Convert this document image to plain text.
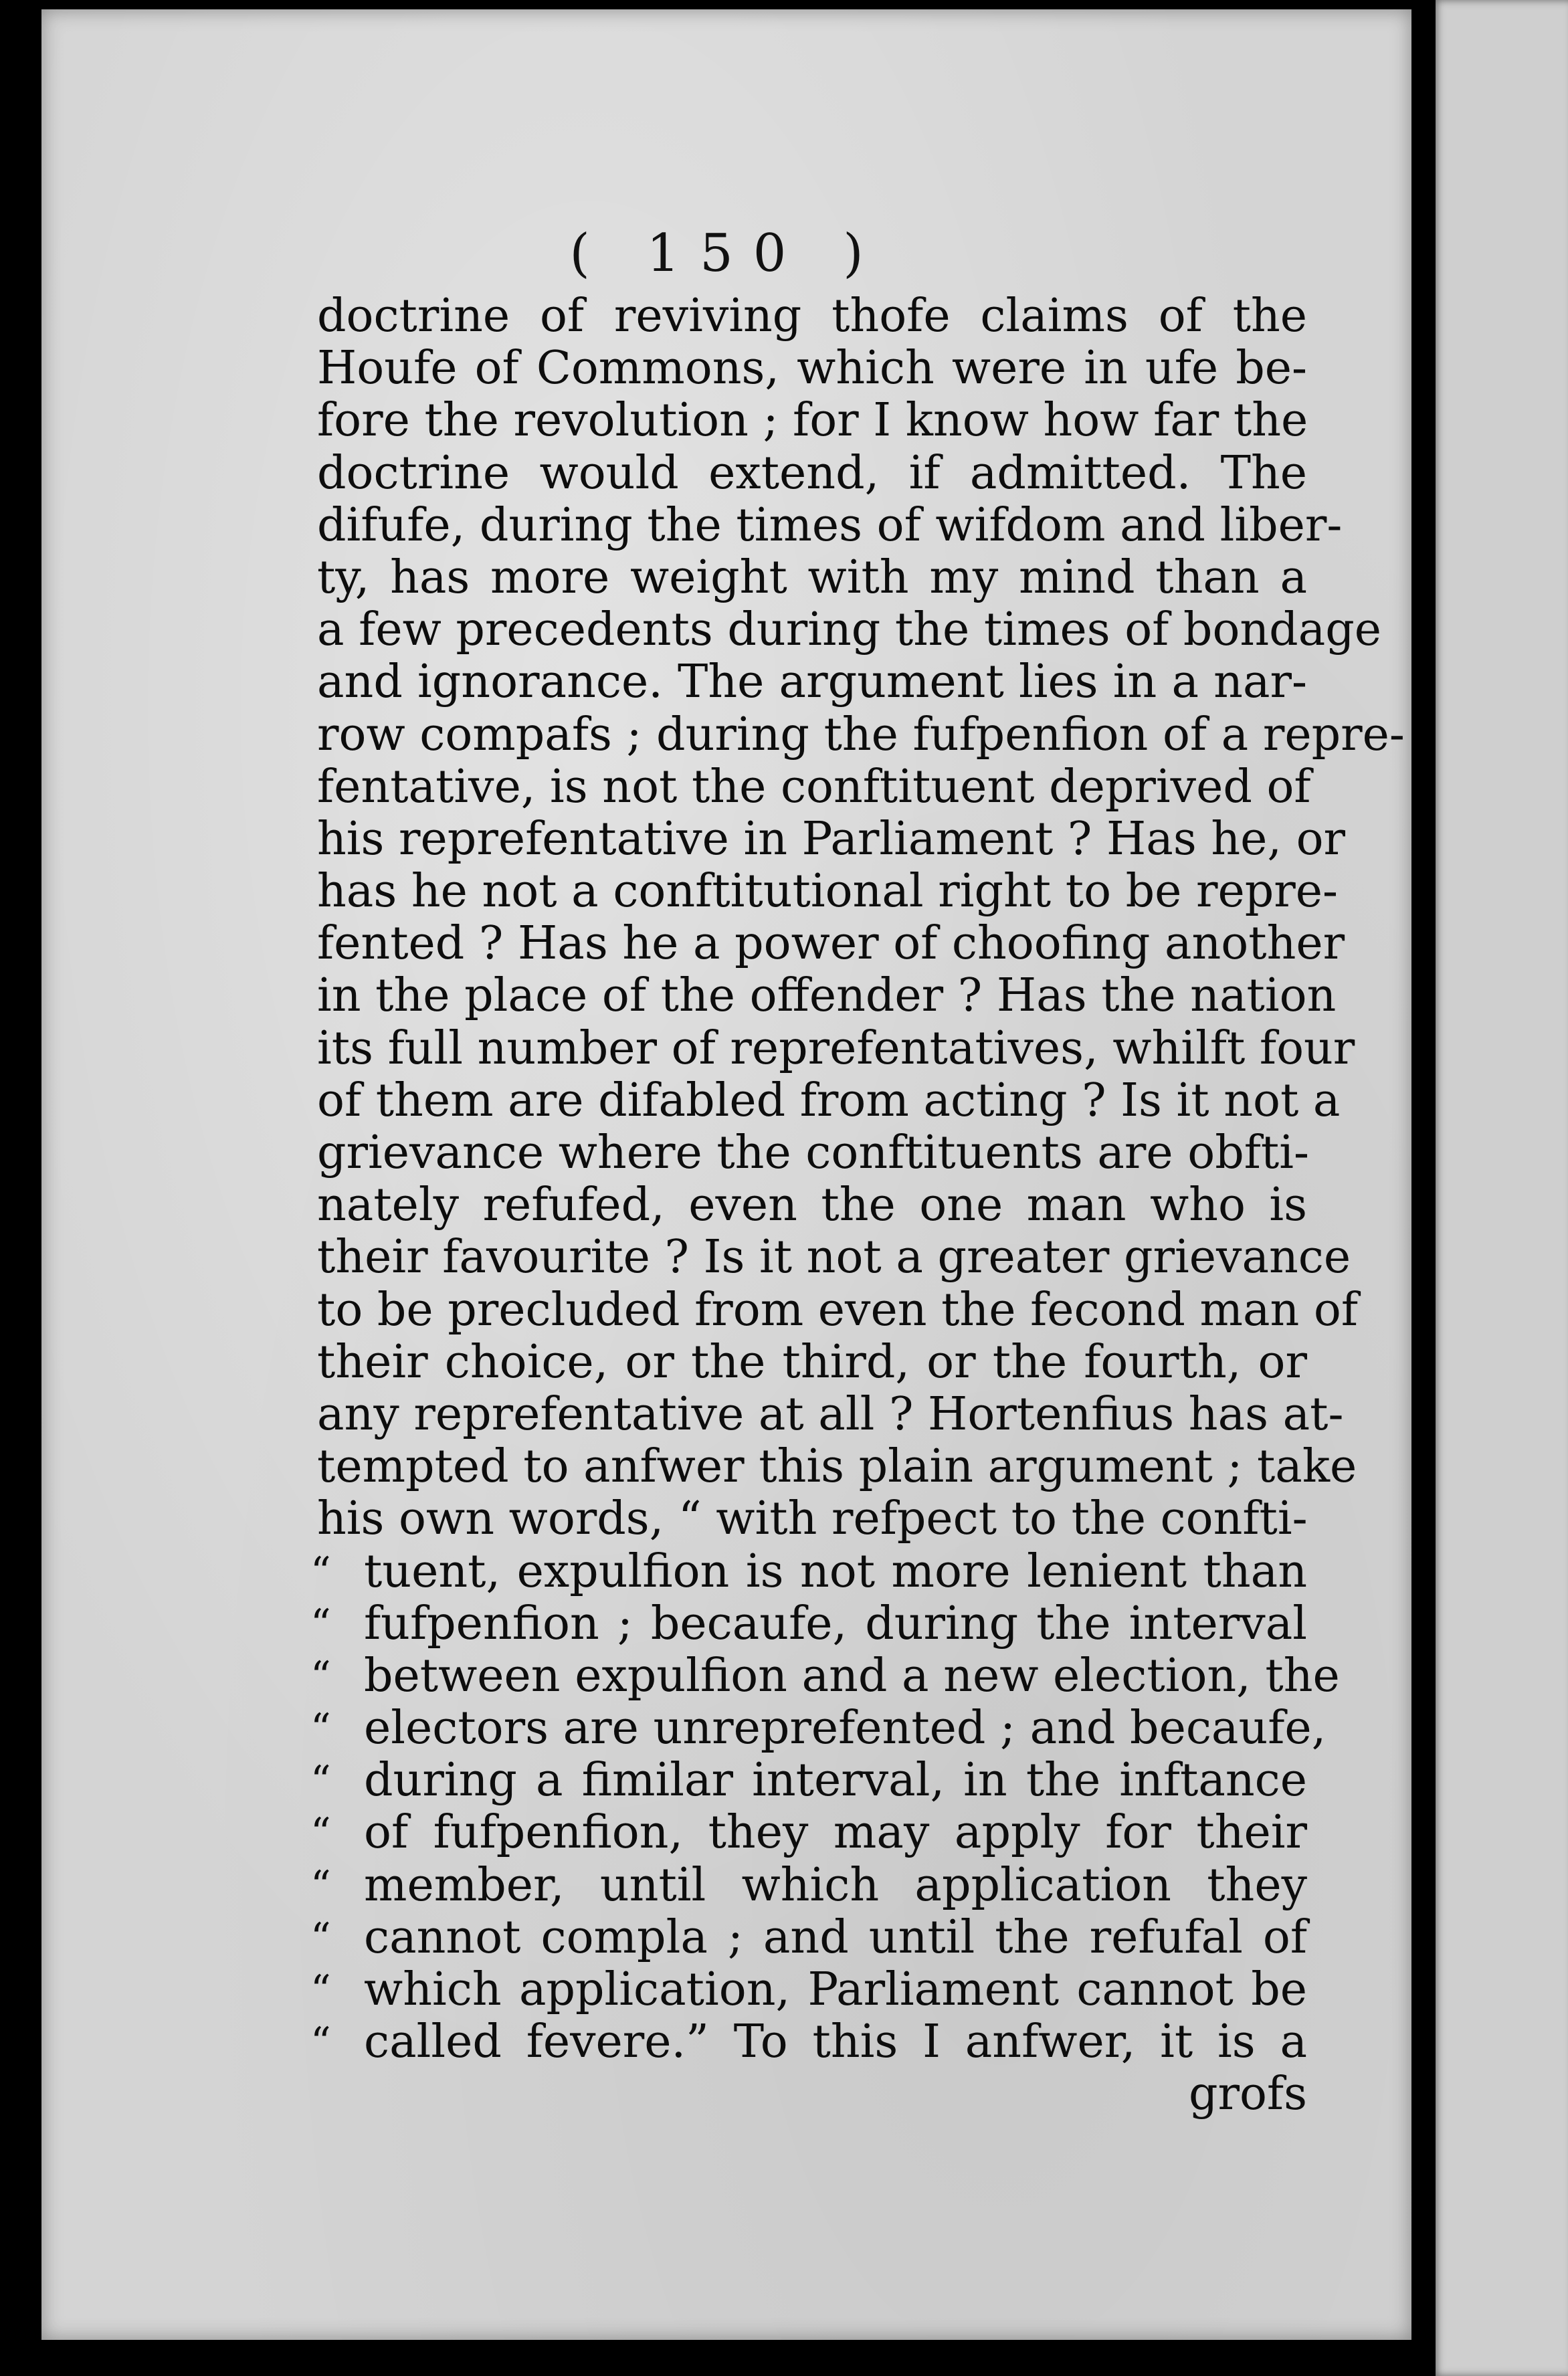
( 150 )
doctrine of reviving thofe claims of the
Houfe of Commons, which were in ufe be-
fore the revolution ; for I know how far the
doctrine would extend, if admitted. The
difufe, during the times of wifdom and liber-
ty, has more weight with my mind than a
a few precedents during the times of bondage
and ignorance. The argument lies in a nar-
row compafs ; during the fufpenfion of a repre-
fentative, is not the conftituent deprived of
his reprefentative in Parliament ? Has he, or
has he not a conftitutional right to be repre-
fented ? Has he a power of choofing another
in the place of the offender ? Has the nation
its full number of reprefentatives, whilft four
of them are difabled from acting ? Is it not a
grievance where the conftituents are obfti-
nately refufed, even the one man who is
their favourite ? Is it not a greater grievance
to be precluded from even the fecond man of
their choice, or the third, or the fourth, or
any reprefentative at all ? Hortenfius has at-
tempted to anfwer this plain argument ; take
his own words, “ with refpect to the confti-
“ tuent, expulfion is not more lenient than
“ fufpenfion ; becaufe, during the interval
“ between expulfion and a new election, the
“ electors are unreprefented ; and becaufe,
“ during a fimilar interval, in the inftance
“ of fufpenfion, they may apply for their
“ member, until which application they
“ cannot compla ; and until the refufal of
“ which application, Parliament cannot be
“ called fevere.” To this I anfwer, it is a
grofs
